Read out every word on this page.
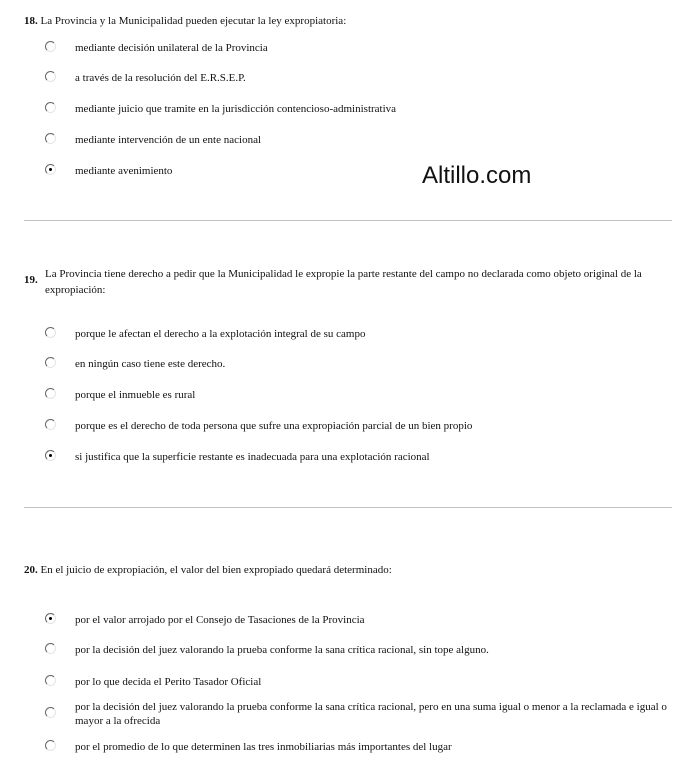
18. La Provincia y la Municipalidad pueden ejecutar la ley expropiatoria:
mediante decisión unilateral de la Provincia
a través de la resolución del E.R.S.E.P.
mediante juicio que tramite en la jurisdicción contencioso-administrativa
mediante intervención de un ente nacional
mediante avenimiento	Altillo.com
19. La Provincia tiene derecho a pedir que la Municipalidad le expropie la parte restante del campo no declarada como objeto original de la expropiación:
porque le afectan el derecho a la explotación integral de su campo
en ningún caso tiene este derecho.
porque el inmueble es rural
porque es el derecho de toda persona que sufre una expropiación parcial de un bien propio
si justifica que la superficie restante es inadecuada para una explotación racional
20. En el juicio de expropiación, el valor del bien expropiado quedará determinado:
por el valor arrojado por el Consejo de Tasaciones de la Provincia
por la decisión del juez valorando la prueba conforme la sana crítica racional, sin tope alguno.
por lo que decida el Perito Tasador Oficial
por la decisión del juez valorando la prueba conforme la sana crítica racional, pero en una suma igual o menor a la reclamada e igual o mayor a la ofrecida
por el promedio de lo que determinen las tres inmobiliarias más importantes del lugar
